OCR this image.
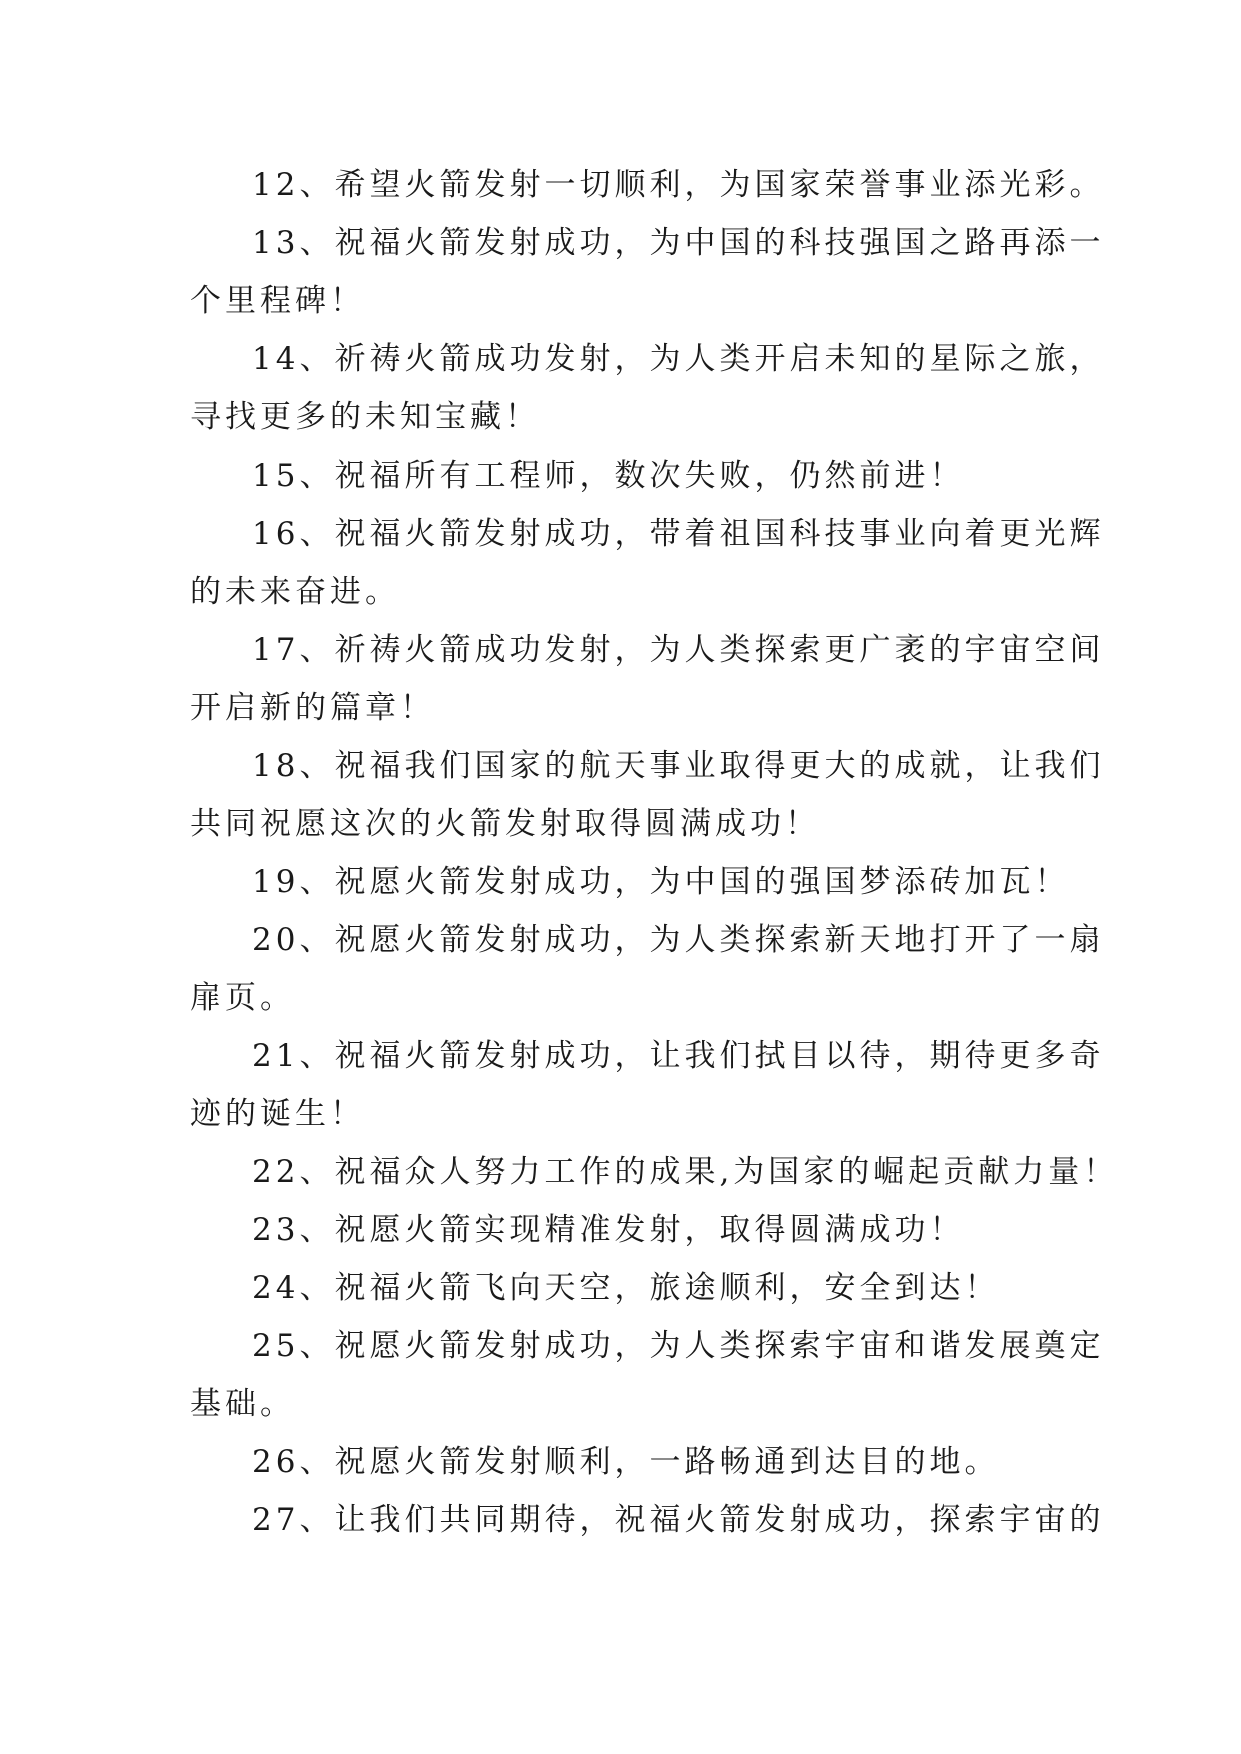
12、希望火箭发射一切顺利，为国家荣誉事业添光彩。
13、祝福火箭发射成功，为中国的科技强国之路再添一
个里程碑！
14、祈祷火箭成功发射，为人类开启未知的星际之旅，
寻找更多的未知宝藏！
15、祝福所有工程师，数次失败，仍然前进！
16、祝福火箭发射成功，带着祖国科技事业向着更光辉
的未来奋进。
17、祈祷火箭成功发射，为人类探索更广袤的宇宙空间
开启新的篇章！
18、祝福我们国家的航天事业取得更大的成就，让我们
共同祝愿这次的火箭发射取得圆满成功！
19、祝愿火箭发射成功，为中国的强国梦添砖加瓦！
20、祝愿火箭发射成功，为人类探索新天地打开了一扇
扉页。
21、祝福火箭发射成功，让我们拭目以待，期待更多奇
迹的诞生！
22、祝福众人努力工作的成果,为国家的崛起贡献力量！
23、祝愿火箭实现精准发射，取得圆满成功！
24、祝福火箭飞向天空，旅途顺利，安全到达！
25、祝愿火箭发射成功，为人类探索宇宙和谐发展奠定
基础。
26、祝愿火箭发射顺利，一路畅通到达目的地。
27、让我们共同期待，祝福火箭发射成功，探索宇宙的
